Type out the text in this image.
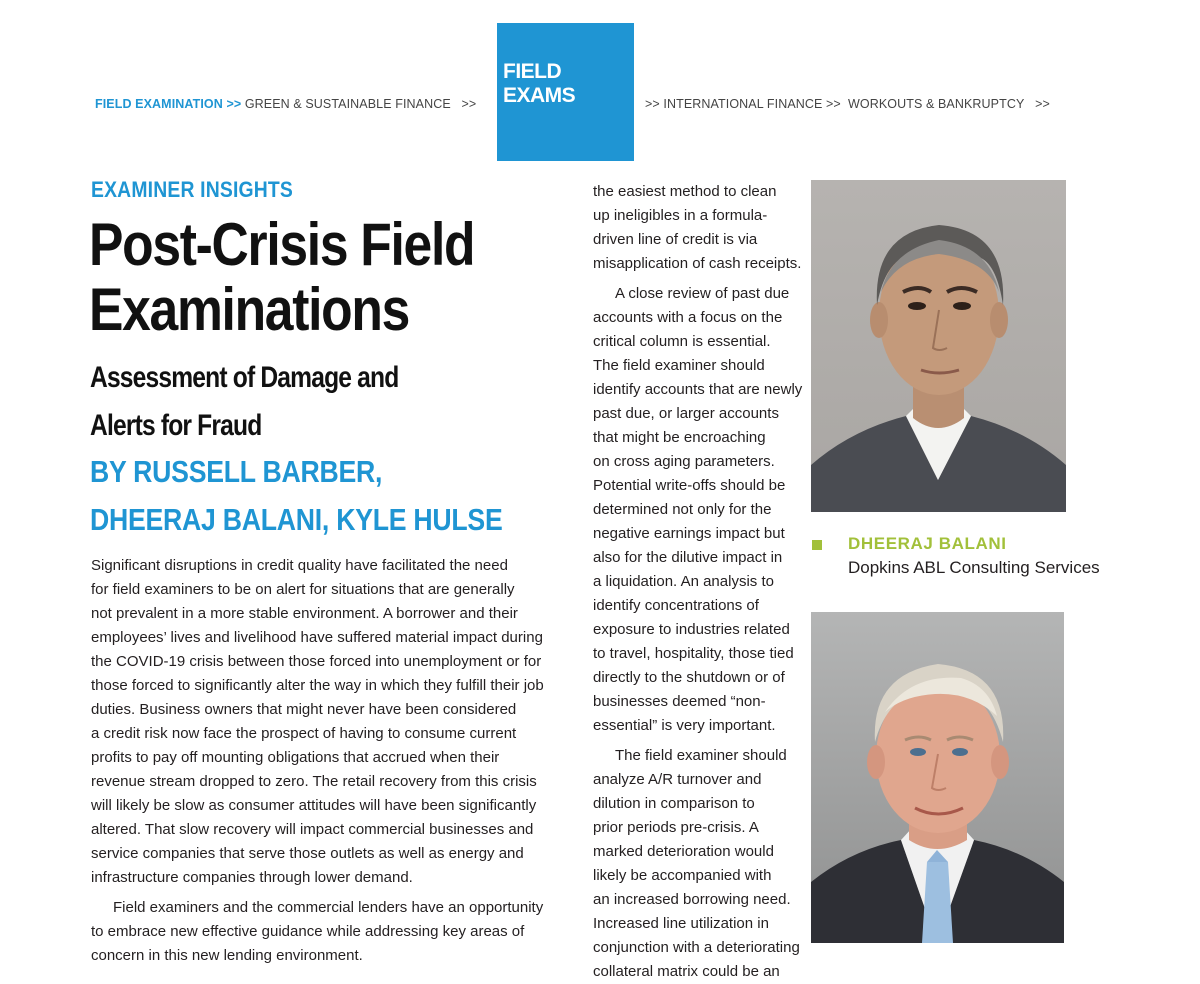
FIELD EXAMINATION >> GREEN & SUSTAINABLE FINANCE >>
FIELD
EXAMS	>> INTERNATIONAL FINANCE >> WORKOUTS & BANKRUPTCY >>
EXAMINER INSIGHTS
Post-Crisis Field
Examinations
Assessment of Damage and
Alerts for Fraud
BY RUSSELL BARBER,
DHEERAJ BALANI, KYLE HULSE

Significant disruptions in credit quality have facilitated the need
for field examiners to be on alert for situations that are generally
not prevalent in a more stable environment. A borrower and their
employees’ lives and livelihood have suffered material impact during
the COVID-19 crisis between those forced into unemployment or for
those forced to significantly alter the way in which they fulfill their job
duties. Business owners that might never have been considered
a credit risk now face the prospect of having to consume current
profits to pay off mounting obligations that accrued when their
revenue stream dropped to zero. The retail recovery from this crisis
will likely be slow as consumer attitudes will have been significantly
altered. That slow recovery will impact commercial businesses and
service companies that serve those outlets as well as energy and
infrastructure companies through lower demand.

Field examiners and the commercial lenders have an opportunity
to embrace new effective guidance while addressing key areas of
concern in this new lending environment.

the easiest method to clean
up ineligibles in a formula-
driven line of credit is via
misapplication of cash receipts.

A close review of past due
accounts with a focus on the
critical column is essential.
The field examiner should
identify accounts that are newly
past due, or larger accounts
that might be encroaching
on cross aging parameters.
Potential write-offs should be
determined not only for the
negative earnings impact but
also for the dilutive impact in
a liquidation. An analysis to
identify concentrations of
exposure to industries related
to travel, hospitality, those tied
directly to the shutdown or of
businesses deemed “non-
essential” is very important.

The field examiner should
analyze A/R turnover and
dilution in comparison to
prior periods pre-crisis. A
marked deterioration would
likely be accompanied with
an increased borrowing need.
Increased line utilization in
conjunction with a deteriorating
collateral matrix could be an

DHEERAJ BALANI
Dopkins ABL Consulting Services
